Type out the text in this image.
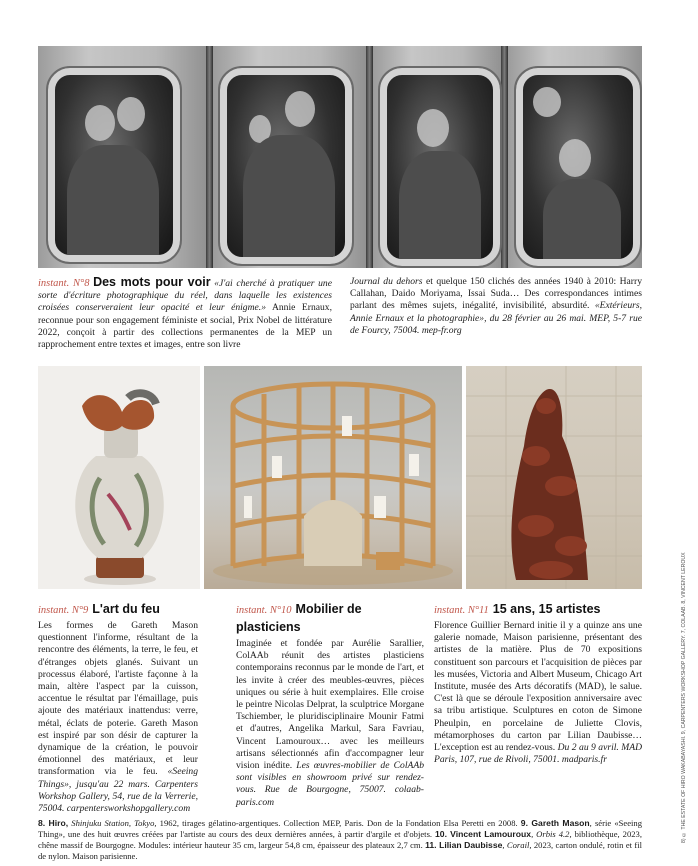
instant. N°8 Des mots pour voir «J'ai cherché à pratiquer une sorte d'écriture photographique du réel, dans laquelle les existences croisées conserveraient leur opacité et leur énigme.» Annie Ernaux, reconnue pour son engagement féministe et social, Prix Nobel de littérature 2022, conçoit à partir des collections permanentes de la MEP un rapprochement entre textes et images, entre son livre

Journal du dehors et quelque 150 clichés des années 1940 à 2010: Harry Callahan, Daido Moriyama, Issai Suda… Des correspondances intimes parlant des mêmes sujets, inégalité, invisibilité, absurdité. «Extérieurs, Annie Ernaux et la photographie», du 28 février au 26 mai. MEP, 5-7 rue de Fourcy, 75004. mep-fr.org

instant. N°9 L'art du feu

Les formes de Gareth Mason questionnent l'informe, résultant de la rencontre des éléments, la terre, le feu, et d'étranges objets glanés. Suivant un processus élaboré, l'artiste façonne à la main, altère l'aspect par la cuisson, accentue le résultat par l'émaillage, puis ajoute des matériaux inattendus: verre, métal, éclats de poterie. Gareth Mason est inspiré par son désir de capturer la dynamique de la création, le pouvoir émotionnel des matériaux, et leur transformation via le feu. «Seeing Things», jusqu'au 22 mars. Carpenters Workshop Gallery, 54, rue de la Verrerie, 75004. carpentersworkshopgallery.com

instant. N°10 Mobilier de plasticiens

Imaginée et fondée par Aurélie Sarallier, ColAAb réunit des artistes plasticiens contemporains reconnus par le monde de l'art, et les invite à créer des meubles-œuvres, pièces uniques ou série à huit exemplaires. Elle croise le peintre Nicolas Delprat, la sculptrice Morgane Tschiember, le pluridisciplinaire Mounir Fatmi et d'autres, Angelika Markul, Sara Favriau, Vincent Lamouroux… avec les meilleurs artisans sélectionnés afin d'accompagner leur vision inédite. Les œuvres-mobilier de ColAAb sont visibles en showroom privé sur rendez-vous. Rue de Bourgogne, 75007. colaab-paris.com

instant. N°11 15 ans, 15 artistes

Florence Guillier Bernard initie il y a quinze ans une galerie nomade, Maison parisienne, présentant des artistes de la matière. Plus de 70 expositions constituent son parcours et l'acquisition de pièces par les musées, Victoria and Albert Museum, Chicago Art Institute, musée des Arts décoratifs (MAD), le salue. C'est là que se déroule l'exposition anniversaire avec sa tribu artistique. Sculptures en coton de Simone Pheulpin, en porcelaine de Juliette Clovis, métamorphoses du carton par Lilian Daubisse… L'exception est au rendez-vous. Du 2 au 9 avril. MAD Paris, 107, rue de Rivoli, 75001. madparis.fr	8) © THE ESTATE OF HIRO WAKABAYASHI. 9, CARPENTERS WORKSHOP GALLERY. 7, COLAAB. 8, VINCENT LEROUX

8. Hiro, Shinjuku Station, Tokyo, 1962, tirages gélatino-argentiques. Collection MEP, Paris. Don de la Fondation Elsa Peretti en 2008. 9. Gareth Mason, série «Seeing Thing», une des huit œuvres créées par l'artiste au cours des deux dernières années, à partir d'argile et d'objets. 10. Vincent Lamouroux, Orbis 4.2, bibliothèque, 2023, chêne massif de Bourgogne. Modules: intérieur hauteur 35 cm, largeur 54,8 cm, épaisseur des plateaux 2,7 cm. 11. Lilian Daubisse, Corail, 2023, carton ondulé, rotin et fil de nylon. Maison parisienne.
